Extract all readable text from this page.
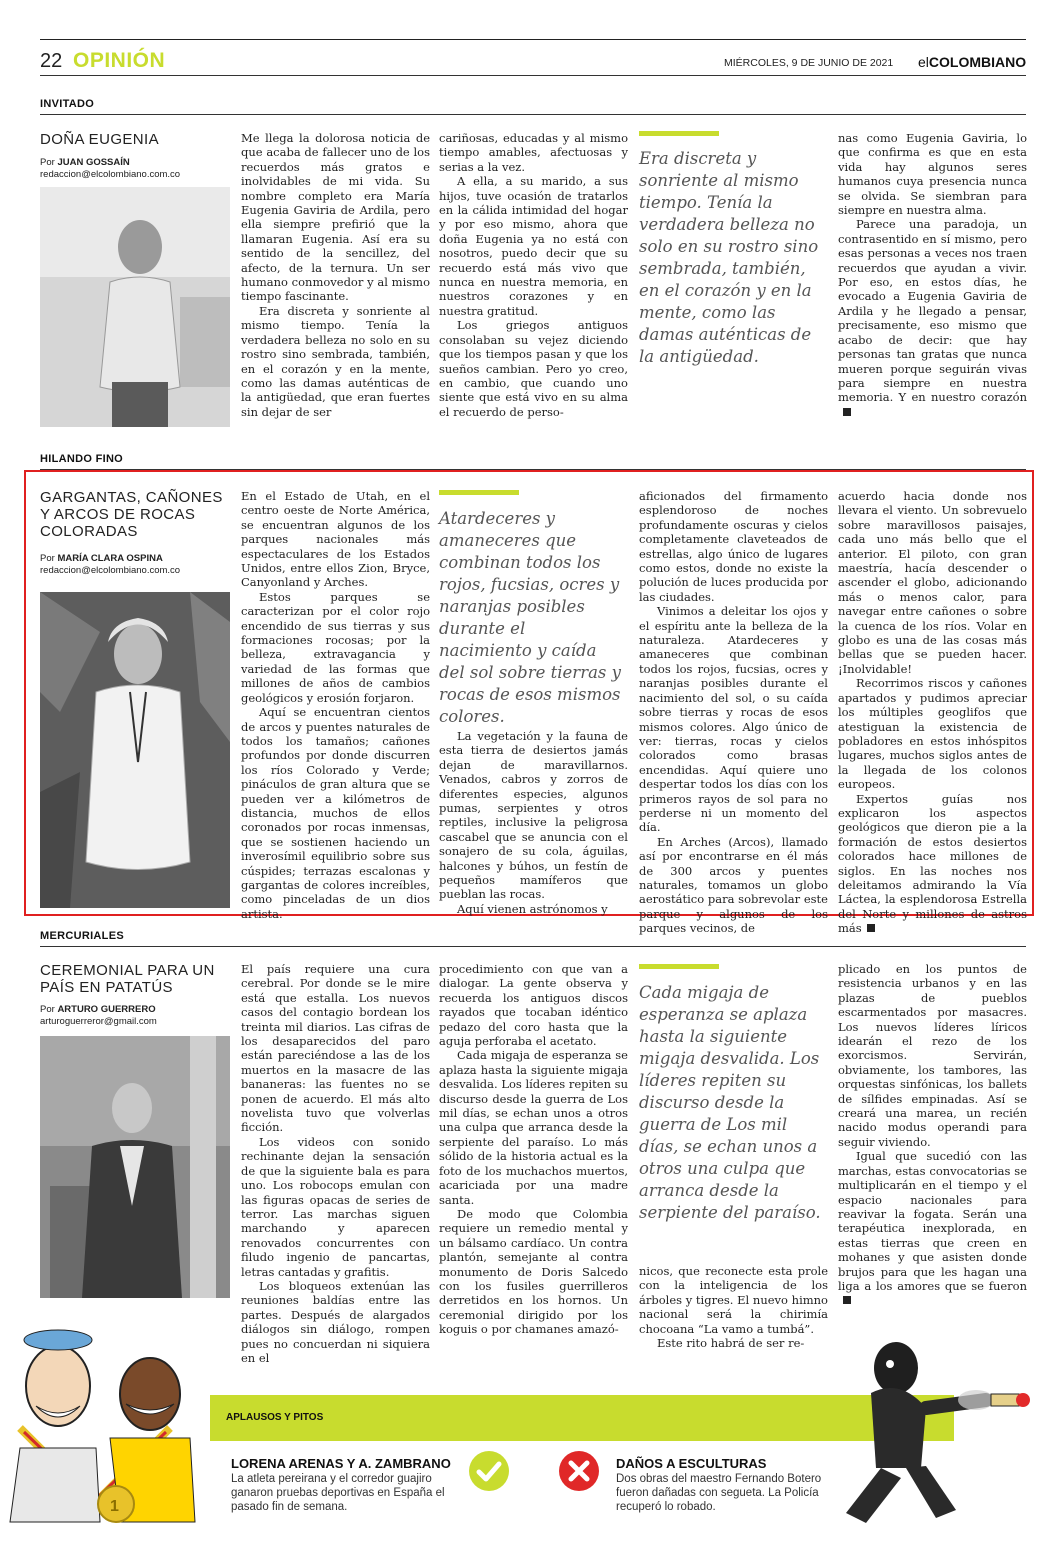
22 OPINIÓN	MIÉRCOLES, 9 DE JUNIO DE 2021 elCOLOMBIANO
INVITADO
DOÑA EUGENIA
Por JUAN GOSSAÍN
redaccion@elcolombiano.com.co

Me llega la dolorosa noticia de que acaba de fallecer uno de los recuerdos más gratos e inolvidables de mi vida. Su nombre completo era María Eugenia Gaviria de Ardila, pero ella siempre prefirió que la llamaran Eugenia. Así era su sentido de la sencillez, del afecto, de la ternura. Un ser humano conmovedor y al mismo tiempo fascinante.

Era discreta y sonriente al mismo tiempo. Tenía la verdadera belleza no solo en su rostro sino sembrada, también, en el corazón y en la mente, como las damas auténticas de la antigüedad, que eran fuertes sin dejar de ser

cariñosas, educadas y al mismo tiempo amables, afectuosas y serias a la vez.

A ella, a su marido, a sus hijos, tuve ocasión de tratarlos en la cálida intimidad del hogar y por eso mismo, ahora que doña Eugenia ya no está con nosotros, puedo decir que su recuerdo está más vivo que nunca en nuestra memoria, en nuestros corazones y en nuestra gratitud.

Los griegos antiguos consolaban su vejez diciendo que los tiempos pasan y que los sueños cambian. Pero yo creo, en cambio, que cuando uno siente que está vivo en su alma el recuerdo de perso-

Era discreta y sonriente al mismo tiempo. Tenía la verdadera belleza no solo en su rostro sino sembrada, también, en el corazón y en la mente, como las damas auténticas de la antigüedad.

nas como Eugenia Gaviria, lo que confirma es que en esta vida hay algunos seres humanos cuya presencia nunca se olvida. Se siembran para siempre en nuestra alma.

Parece una paradoja, un contrasentido en sí mismo, pero esas personas a veces nos traen recuerdos que ayudan a vivir. Por eso, en estos días, he evocado a Eugenia Gaviria de Ardila y he llegado a pensar, precisamente, eso mismo que acabo de decir: que hay personas tan gratas que nunca mueren porque seguirán vivas para siempre en nuestra memoria. Y en nuestro corazón

HILANDO FINO
GARGANTAS, CAÑONES Y ARCOS DE ROCAS COLORADAS
Por MARÍA CLARA OSPINA
redaccion@elcolombiano.com.co

En el Estado de Utah, en el centro oeste de Norte América, se encuentran algunos de los parques nacionales más espectaculares de los Estados Unidos, entre ellos Zion, Bryce, Canyonland y Arches.

Estos parques se caracterizan por el color rojo encendido de sus tierras y sus formaciones rocosas; por la belleza, extravagancia y variedad de las formas que millones de años de cambios geológicos y erosión forjaron.

Aquí se encuentran cientos de arcos y puentes naturales de todos los tamaños; cañones profundos por donde discurren los ríos Colorado y Verde; pináculos de gran altura que se pueden ver a kilómetros de distancia, muchos de ellos coronados por rocas inmensas, que se sostienen haciendo un inverosímil equilibrio sobre sus cúspides; terrazas escalonas y gargantas de colores increíbles, como pinceladas de un dios artista.

Atardeceres y amaneceres que combinan todos los rojos, fucsias, ocres y naranjas posibles durante el nacimiento y caída del sol sobre tierras y rocas de esos mismos colores.

La vegetación y la fauna de esta tierra de desiertos jamás dejan de maravillarnos. Venados, cabros y zorros de diferentes especies, algunos pumas, serpientes y otros reptiles, inclusive la peligrosa cascabel que se anuncia con el sonajero de su cola, águilas, halcones y búhos, un festín de pequeños mamíferos que pueblan las rocas.

Aquí vienen astrónomos y

aficionados del firmamento esplendoroso de noches profundamente oscuras y cielos completamente claveteados de estrellas, algo único de lugares como estos, donde no existe la polución de luces producida por las ciudades.

Vinimos a deleitar los ojos y el espíritu ante la belleza de la naturaleza. Atardeceres y amaneceres que combinan todos los rojos, fucsias, ocres y naranjas posibles durante el nacimiento del sol, o su caída sobre tierras y rocas de esos mismos colores. Algo único de ver: tierras, rocas y cielos colorados como brasas encendidas. Aquí quiere uno despertar todos los días con los primeros rayos de sol para no perderse ni un momento del día.

En Arches (Arcos), llamado así por encontrarse en él más de 300 arcos y puentes naturales, tomamos un globo aerostático para sobrevolar este parque y algunos de los parques vecinos, de

acuerdo hacia donde nos llevara el viento. Un sobrevuelo sobre maravillosos paisajes, cada uno más bello que el anterior. El piloto, con gran maestría, hacía descender o ascender el globo, adicionando más o menos calor, para navegar entre cañones o sobre la cuenca de los ríos. Volar en globo es una de las cosas más bellas que se pueden hacer. ¡Inolvidable!

Recorrimos riscos y cañones apartados y pudimos apreciar los múltiples geoglifos que atestiguan la existencia de pobladores en estos inhóspitos lugares, muchos siglos antes de la llegada de los colonos europeos.

Expertos guías nos explicaron los aspectos geológicos que dieron pie a la formación de estos desiertos colorados hace millones de siglos. En las noches nos deleitamos admirando la Vía Láctea, la esplendorosa Estrella del Norte y millones de astros más

MERCURIALES
CEREMONIAL PARA UN PAÍS EN PATATÚS
Por ARTURO GUERRERO
arturoguerreror@gmail.com

El país requiere una cura cerebral. Por donde se le mire está que estalla. Los nuevos casos del contagio bordean los treinta mil diarios. Las cifras de los desaparecidos del paro están pareciéndose a las de los muertos en la masacre de las bananeras: las fuentes no se ponen de acuerdo. El más alto novelista tuvo que volverlas ficción.

Los videos con sonido rechinante dejan la sensación de que la siguiente bala es para uno. Los robocops emulan con las figuras opacas de series de terror. Las marchas siguen marchando y aparecen renovados concurrentes con filudo ingenio de pancartas, letras cantadas y grafitis.

Los bloqueos extenúan las reuniones baldías entre las partes. Después de alargados diálogos sin diálogo, rompen pues no concuerdan ni siquiera en el

procedimiento con que van a dialogar. La gente observa y recuerda los antiguos discos rayados que tocaban idéntico pedazo del coro hasta que la aguja perforaba el acetato.

Cada migaja de esperanza se aplaza hasta la siguiente migaja desvalida. Los líderes repiten su discurso desde la guerra de Los mil días, se echan unos a otros una culpa que arranca desde la serpiente del paraíso. Lo más sólido de la historia actual es la foto de los muchachos muertos, acariciada por una madre santa.

De modo que Colombia requiere un remedio mental y un bálsamo cardíaco. Un contra plantón, semejante al contra monumento de Doris Salcedo con los fusiles guerrilleros derretidos en los hornos. Un ceremonial dirigido por los koguis o por chamanes amazó-

Cada migaja de esperanza se aplaza hasta la siguiente migaja desvalida. Los líderes repiten su discurso desde la guerra de Los mil días, se echan unos a otros una culpa que arranca desde la serpiente del paraíso.

nicos, que reconecte esta prole con la inteligencia de los árboles y tigres. El nuevo himno nacional será la chirimía chocoana “La vamo a tumbá”.

Este rito habrá de ser re-

plicado en los puntos de resistencia urbanos y en las plazas de pueblos escarmentados por masacres. Los nuevos líderes líricos idearán el rezo de los exorcismos. Servirán, obviamente, los tambores, las orquestas sinfónicas, los ballets de sílfides empinadas. Así se creará una marea, un recién nacido modus operandi para seguir viviendo.

Igual que sucedió con las marchas, estas convocatorias se multiplicarán en el tiempo y el espacio nacionales para reavivar la fogata. Serán una terapéutica inexplorada, en estas tierras que creen en mohanes y que asisten donde brujos para que les hagan una liga a los amores que se fueron

APLAUSOS Y PITOS
1
LORENA ARENAS Y A. ZAMBRANO
La atleta pereirana y el corredor guajiro ganaron pruebas deportivas en España el pasado fin de semana.
DAÑOS A ESCULTURAS
Dos obras del maestro Fernando Botero fueron dañadas con segueta. La Policía recuperó lo robado.
